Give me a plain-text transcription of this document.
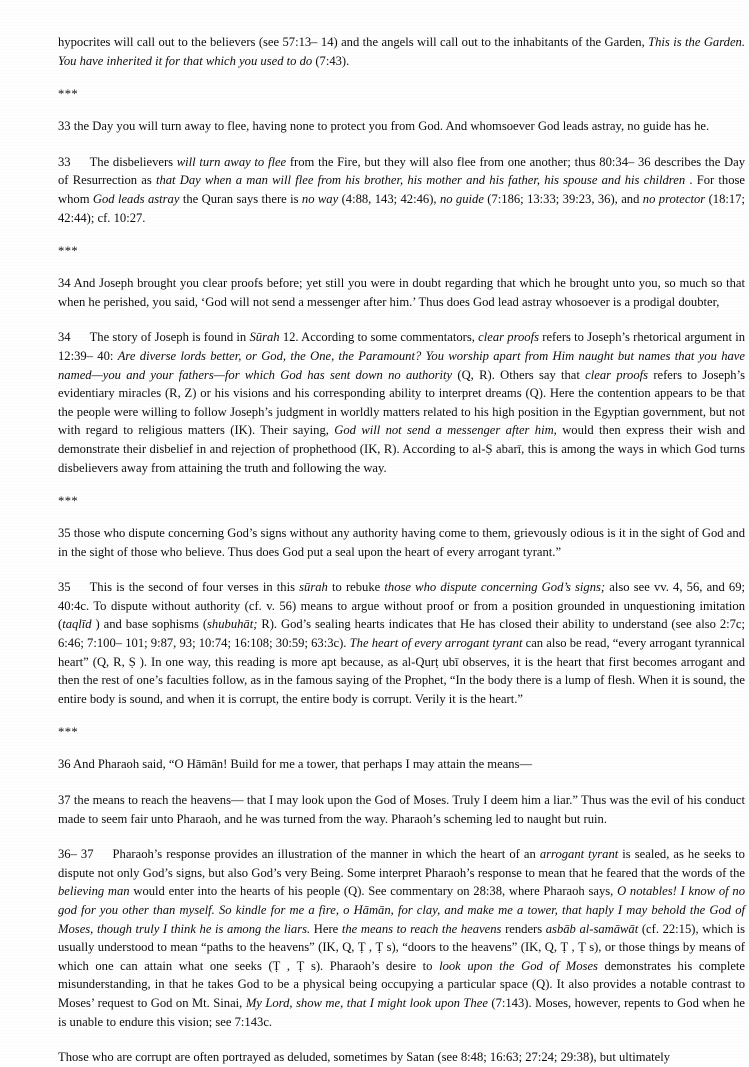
hypocrites will call out to the believers (see 57:13– 14) and the angels will call out to the inhabitants of the Garden, This is the Garden. You have inherited it for that which you used to do (7:43).

***

33 the Day you will turn away to flee, having none to protect you from God. And whomsoever God leads astray, no guide has he.

33 The disbelievers will turn away to flee from the Fire, but they will also flee from one another; thus 80:34– 36 describes the Day of Resurrection as that Day when a man will flee from his brother, his mother and his father, his spouse and his children . For those whom God leads astray the Quran says there is no way (4:88, 143; 42:46), no guide (7:186; 13:33; 39:23, 36), and no protector (18:17; 42:44); cf. 10:27.

***

34 And Joseph brought you clear proofs before; yet still you were in doubt regarding that which he brought unto you, so much so that when he perished, you said, ‘God will not send a messenger after him.’ Thus does God lead astray whosoever is a prodigal doubter,

34 The story of Joseph is found in Sūrah 12. According to some commentators, clear proofs refers to Joseph’s rhetorical argument in 12:39– 40: Are diverse lords better, or God, the One, the Paramount? You worship apart from Him naught but names that you have named—you and your fathers—for which God has sent down no authority (Q, R). Others say that clear proofs refers to Joseph’s evidentiary miracles (R, Z) or his visions and his corresponding ability to interpret dreams (Q). Here the contention appears to be that the people were willing to follow Joseph’s judgment in worldly matters related to his high position in the Egyptian government, but not with regard to religious matters (IK). Their saying, God will not send a messenger after him, would then express their wish and demonstrate their disbelief in and rejection of prophethood (IK, R). According to al-Ṣ abarī, this is among the ways in which God turns disbelievers away from attaining the truth and following the way.

***

35 those who dispute concerning God’s signs without any authority having come to them, grievously odious is it in the sight of God and in the sight of those who believe. Thus does God put a seal upon the heart of every arrogant tyrant.”

35 This is the second of four verses in this sūrah to rebuke those who dispute concerning God’s signs; also see vv. 4, 56, and 69; 40:4c. To dispute without authority (cf. v. 56) means to argue without proof or from a position grounded in unquestioning imitation (taqlīd ) and base sophisms (shubuhāt; R). God’s sealing hearts indicates that He has closed their ability to understand (see also 2:7c; 6:46; 7:100– 101; 9:87, 93; 10:74; 16:108; 30:59; 63:3c). The heart of every arrogant tyrant can also be read, “every arrogant tyrannical heart” (Q, R, Ṣ ). In one way, this reading is more apt because, as al-Qurṭ ubī observes, it is the heart that first becomes arrogant and then the rest of one’s faculties follow, as in the famous saying of the Prophet, “In the body there is a lump of flesh. When it is sound, the entire body is sound, and when it is corrupt, the entire body is corrupt. Verily it is the heart.”

***

36 And Pharaoh said, “O Hāmān! Build for me a tower, that perhaps I may attain the means—

37 the means to reach the heavens— that I may look upon the God of Moses. Truly I deem him a liar.” Thus was the evil of his conduct made to seem fair unto Pharaoh, and he was turned from the way. Pharaoh’s scheming led to naught but ruin.

36– 37 Pharaoh’s response provides an illustration of the manner in which the heart of an arrogant tyrant is sealed, as he seeks to dispute not only God’s signs, but also God’s very Being. Some interpret Pharaoh’s response to mean that he feared that the words of the believing man would enter into the hearts of his people (Q). See commentary on 28:38, where Pharaoh says, O notables! I know of no god for you other than myself. So kindle for me a fire, o Hāmān, for clay, and make me a tower, that haply I may behold the God of Moses, though truly I think he is among the liars. Here the means to reach the heavens renders asbāb al-samāwāt (cf. 22:15), which is usually understood to mean “paths to the heavens” (IK, Q, Ṭ , Ṭ s), “doors to the heavens” (IK, Q, Ṭ , Ṭ s), or those things by means of which one can attain what one seeks (Ṭ , Ṭ s). Pharaoh’s desire to look upon the God of Moses demonstrates his complete misunderstanding, in that he takes God to be a physical being occupying a particular space (Q). It also provides a notable contrast to Moses’ request to God on Mt. Sinai, My Lord, show me, that I might look upon Thee (7:143). Moses, however, repents to God when he is unable to endure this vision; see 7:143c.

Those who are corrupt are often portrayed as deluded, sometimes by Satan (see 8:48; 16:63; 27:24; 29:38), but ultimately
